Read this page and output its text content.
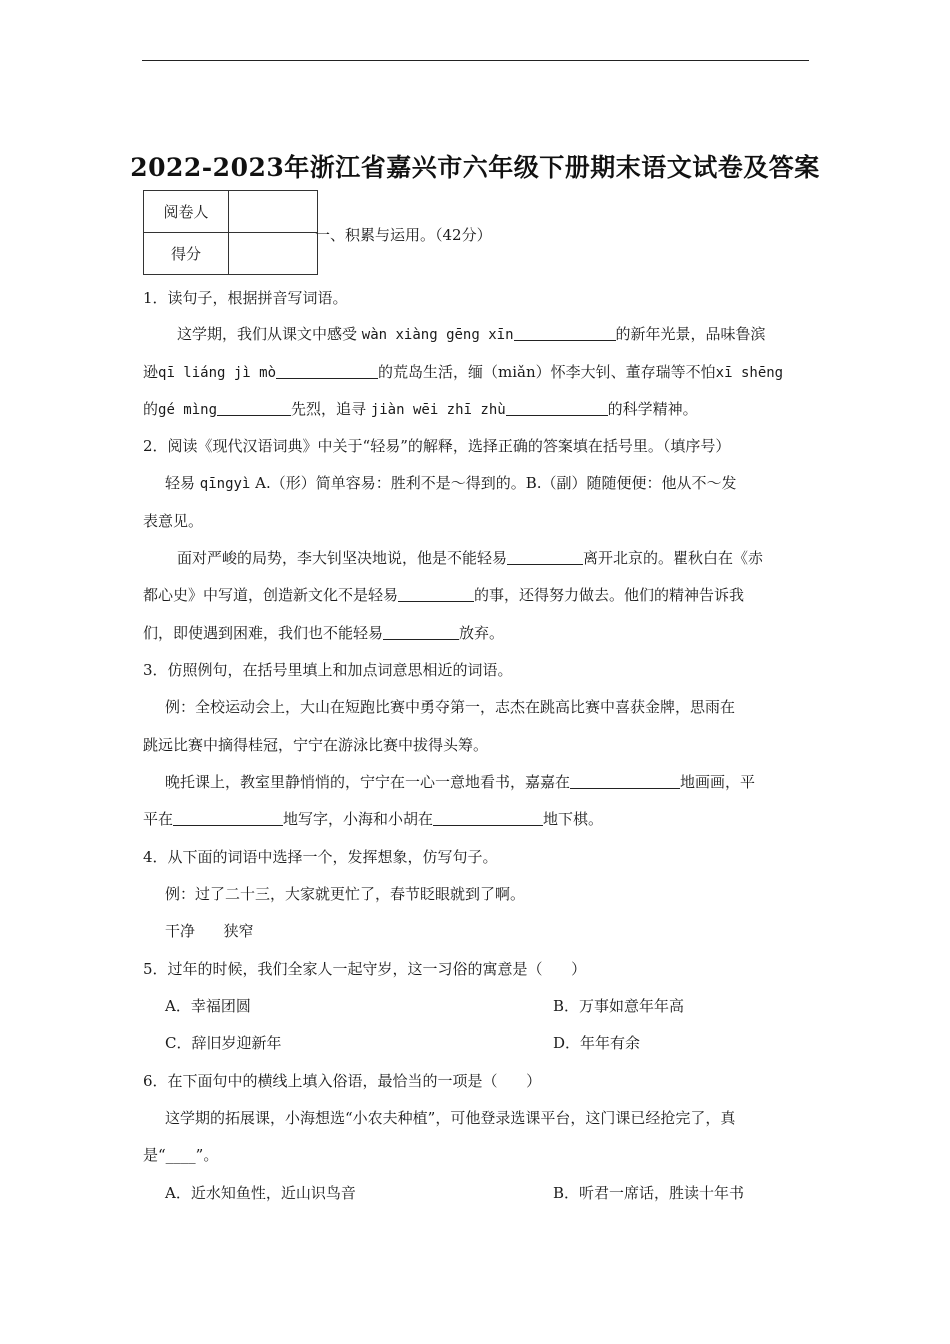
2022-2023年浙江省嘉兴市六年级下册期末语文试卷及答案
阅卷人	
得分	
一、积累与运用。（42分）
1．读句子，根据拼音写词语。
这学期，我们从课文中感受 wàn xiàng gēng xīn	的新年光景，品味鲁滨
逊qī liáng jì mò	的荒岛生活，缅（miǎn）怀李大钊、董存瑞等不怕xī shēng
的gé mìng	先烈，追寻 jiàn wēi zhī zhù	的科学精神。
2．阅读《现代汉语词典》中关于“轻易”的解释，选择正确的答案填在括号里。（填序号）
轻易 qīngyì A.（形）简单容易：胜利不是～得到的。B.（副）随随便便：他从不～发
表意见。
面对严峻的局势，李大钊坚决地说，他是不能轻易	离开北京的。瞿秋白在《赤
都心史》中写道，创造新文化不是轻易	的事，还得努力做去。他们的精神告诉我
们，即使遇到困难，我们也不能轻易	放弃。
3．仿照例句，在括号里填上和加点词意思相近的词语。
例：全校运动会上，大山在短跑比赛中勇夺第一，志杰在跳高比赛中喜获金牌，思雨在
跳远比赛中摘得桂冠，宁宁在游泳比赛中拔得头筹。
晚托课上，教室里静悄悄的，宁宁在一心一意地看书，嘉嘉在	地画画，平
平在	地写字，小海和小胡在	地下棋。
4．从下面的词语中选择一个，发挥想象，仿写句子。
例：过了二十三，大家就更忙了，春节眨眼就到了啊。
干净      狭窄
5．过年的时候，我们全家人一起守岁，这一习俗的寓意是（      ）
A．幸福团圆	B．万事如意年年高
C．辞旧岁迎新年	D．年年有余
6．在下面句中的横线上填入俗语，最恰当的一项是（      ）
这学期的拓展课，小海想选“小农夫种植”，可他登录选课平台，这门课已经抢完了，真
是“____”。
A．近水知鱼性，近山识鸟音	B．听君一席话，胜读十年书
